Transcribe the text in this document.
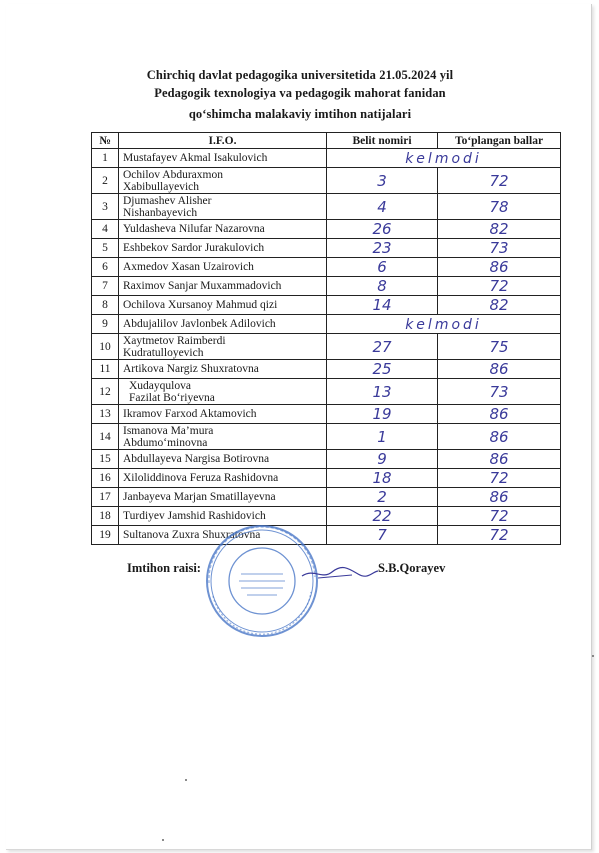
Chirchiq davlat pedagogika universitetida 21.05.2024 yil
Pedagogik texnologiya va pedagogik mahorat fanidan
qo‘shimcha malakaviy imtihon natijalari
№	I.F.O.	Belit nomiri	To‘plangan ballar
1	Mustafayev Akmal Isakulovich	kelmodi	
2	Ochilov Abduraxmon
Xabibullayevich	3	72
3	Djumashev Alisher
Nishanbayevich	4	78
4	Yuldasheva Nilufar Nazarovna	26	82
5	Eshbekov Sardor Jurakulovich	23	73
6	Axmedov Xasan Uzairovich	6	86
7	Raximov Sanjar Muxammadovich	8	72
8	Ochilova Xursanoy Mahmud qizi	14	82
9	Abdujalilov Javlonbek Adilovich	kelmodi	
10	Xaytmetov Raimberdi
Kudratulloyevich	27	75
11	Artikova Nargiz Shuxratovna	25	86
12	Xudayqulova
Fazilat Bo‘riyevna	13	73
13	Ikramov Farxod Aktamovich	19	86
14	Ismanova Ma’mura
Abdumo‘minovna	1	86
15	Abdullayeva Nargisa Botirovna	9	86
16	Xiloliddinova Feruza Rashidovna	18	72
17	Janbayeva Marjan Smatillayevna	2	86
18	Turdiyev Jamshid Rashidovich	22	72
19	Sultanova Zuxra Shuxratovna	7	72
Imtihon raisi:	S.B.Qorayev
